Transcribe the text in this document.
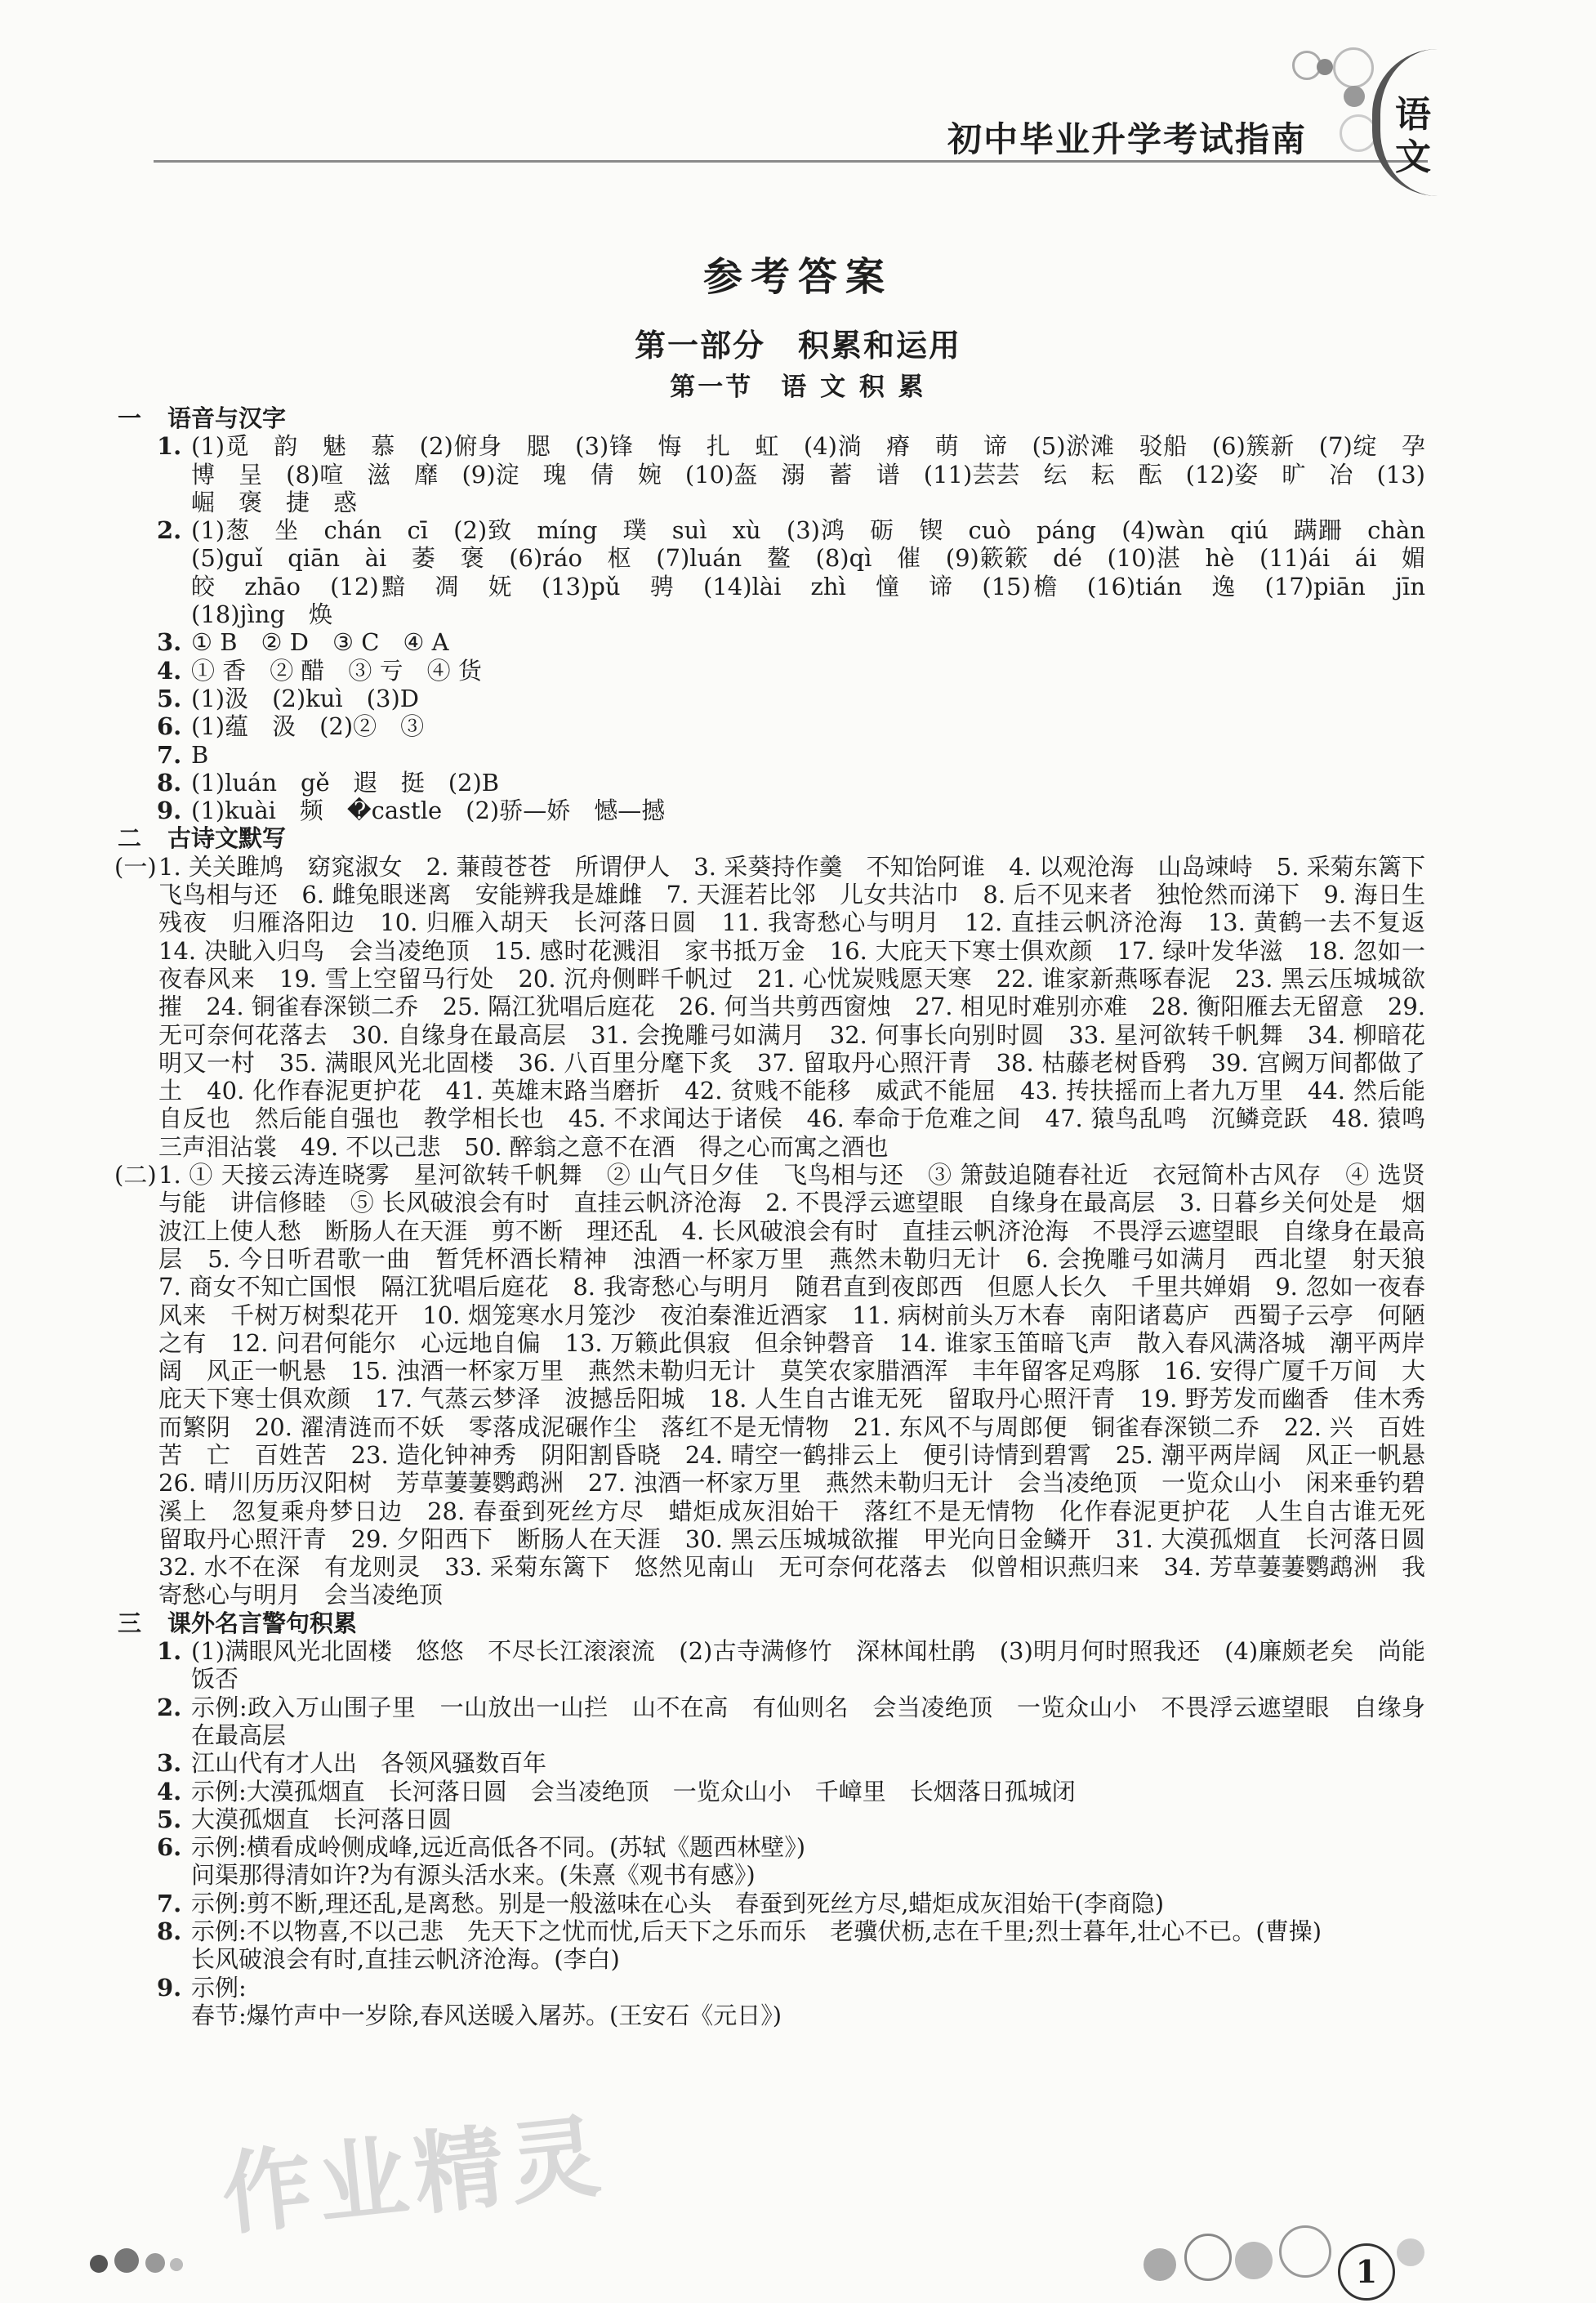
初中毕业升学考试指南
语
文
参考答案
第一部分　积累和运用
第一节　语 文 积 累
一 语音与汉字
1. (1)觅　韵　魅　慕　(2)俯身　腮　(3)锋　悔　扎　虹　(4)淌　瘠　萌　谛　(5)淤滩　驳船　(6)簇新　(7)绽　孕　博　呈　(8)喧　滋　靡　(9)淀　瑰　倩　婉　(10)盔　溺　蓄　谱　(11)芸芸　纭　耘　酝　(12)姿　旷　冶　(13)崛　褒　捷　惑
2. (1)葱　坐　chán　cī　(2)致　míng　璞　suì　xù　(3)鸿　砺　锲　cuò　páng　(4)wàn　qiú　蹒跚　chàn　(5)guǐ　qiān　ài　萎　褒　(6)ráo　枢　(7)luán　鳌　(8)qì　催　(9)簌簌　dé　(10)湛　hè　(11)ái　ái　媚　皎　zhāo　(12)黯　凋　妩　(13)pǔ　骋　(14)lài　zhì　憧　谛　(15)檐　(16)tián　逸　(17)piān　jīn　(18)jìng　焕
3. ① B　② D　③ C　④ A
4. ① 香　② 醋　③ 亏　④ 货
5. (1)汲　(2)kuì　(3)D
6. (1)蕴　汲　(2)②　③
7. B
8. (1)luán　gě　遐　挺　(2)B
9. (1)kuài　频　�castle　(2)骄—娇　憾—撼
二 古诗文默写
(一) 1. 关关雎鸠　窈窕淑女　2. 蒹葭苍苍　所谓伊人　3. 采葵持作羹　不知饴阿谁　4. 以观沧海　山岛竦峙　5. 采菊东篱下　飞鸟相与还　6. 雌兔眼迷离　安能辨我是雄雌　7. 天涯若比邻　儿女共沾巾　8. 后不见来者　独怆然而涕下　9. 海日生残夜　归雁洛阳边　10. 归雁入胡天　长河落日圆　11. 我寄愁心与明月　12. 直挂云帆济沧海　13. 黄鹤一去不复返　14. 决眦入归鸟　会当凌绝顶　15. 感时花溅泪　家书抵万金　16. 大庇天下寒士俱欢颜　17. 绿叶发华滋　18. 忽如一夜春风来　19. 雪上空留马行处　20. 沉舟侧畔千帆过　21. 心忧炭贱愿天寒　22. 谁家新燕啄春泥　23. 黑云压城城欲摧　24. 铜雀春深锁二乔　25. 隔江犹唱后庭花　26. 何当共剪西窗烛　27. 相见时难别亦难　28. 衡阳雁去无留意　29. 无可奈何花落去　30. 自缘身在最高层　31. 会挽雕弓如满月　32. 何事长向别时圆　33. 星河欲转千帆舞　34. 柳暗花明又一村　35. 满眼风光北固楼　36. 八百里分麾下炙　37. 留取丹心照汗青　38. 枯藤老树昏鸦　39. 宫阙万间都做了土　40. 化作春泥更护花　41. 英雄末路当磨折　42. 贫贱不能移　威武不能屈　43. 抟扶摇而上者九万里　44. 然后能自反也　然后能自强也　教学相长也　45. 不求闻达于诸侯　46. 奉命于危难之间　47. 猿鸟乱鸣　沉鳞竞跃　48. 猿鸣三声泪沾裳　49. 不以己悲　50. 醉翁之意不在酒　得之心而寓之酒也
(二) 1. ① 天接云涛连晓雾　星河欲转千帆舞　② 山气日夕佳　飞鸟相与还　③ 箫鼓追随春社近　衣冠简朴古风存　④ 选贤与能　讲信修睦　⑤ 长风破浪会有时　直挂云帆济沧海　2. 不畏浮云遮望眼　自缘身在最高层　3. 日暮乡关何处是　烟波江上使人愁　断肠人在天涯　剪不断　理还乱　4. 长风破浪会有时　直挂云帆济沧海　不畏浮云遮望眼　自缘身在最高层　5. 今日听君歌一曲　暂凭杯酒长精神　浊酒一杯家万里　燕然未勒归无计　6. 会挽雕弓如满月　西北望　射天狼　7. 商女不知亡国恨　隔江犹唱后庭花　8. 我寄愁心与明月　随君直到夜郎西　但愿人长久　千里共婵娟　9. 忽如一夜春风来　千树万树梨花开　10. 烟笼寒水月笼沙　夜泊秦淮近酒家　11. 病树前头万木春　南阳诸葛庐　西蜀子云亭　何陋之有　12. 问君何能尔　心远地自偏　13. 万籁此俱寂　但余钟磬音　14. 谁家玉笛暗飞声　散入春风满洛城　潮平两岸阔　风正一帆悬　15. 浊酒一杯家万里　燕然未勒归无计　莫笑农家腊酒浑　丰年留客足鸡豚　16. 安得广厦千万间　大庇天下寒士俱欢颜　17. 气蒸云梦泽　波撼岳阳城　18. 人生自古谁无死　留取丹心照汗青　19. 野芳发而幽香　佳木秀而繁阴　20. 濯清涟而不妖　零落成泥碾作尘　落红不是无情物　21. 东风不与周郎便　铜雀春深锁二乔　22. 兴　百姓苦　亡　百姓苦　23. 造化钟神秀　阴阳割昏晓　24. 晴空一鹤排云上　便引诗情到碧霄　25. 潮平两岸阔　风正一帆悬　26. 晴川历历汉阳树　芳草萋萋鹦鹉洲　27. 浊酒一杯家万里　燕然未勒归无计　会当凌绝顶　一览众山小　闲来垂钓碧溪上　忽复乘舟梦日边　28. 春蚕到死丝方尽　蜡炬成灰泪始干　落红不是无情物　化作春泥更护花　人生自古谁无死　留取丹心照汗青　29. 夕阳西下　断肠人在天涯　30. 黑云压城城欲摧　甲光向日金鳞开　31. 大漠孤烟直　长河落日圆　32. 水不在深　有龙则灵　33. 采菊东篱下　悠然见南山　无可奈何花落去　似曾相识燕归来　34. 芳草萋萋鹦鹉洲　我寄愁心与明月　会当凌绝顶
三 课外名言警句积累
1. (1)满眼风光北固楼　悠悠　不尽长江滚滚流　(2)古寺满修竹　深林闻杜鹃　(3)明月何时照我还　(4)廉颇老矣　尚能饭否
2. 示例:政入万山围子里　一山放出一山拦　山不在高　有仙则名　会当凌绝顶　一览众山小　不畏浮云遮望眼　自缘身在最高层
3. 江山代有才人出　各领风骚数百年
4. 示例:大漠孤烟直　长河落日圆　会当凌绝顶　一览众山小　千嶂里　长烟落日孤城闭
5. 大漠孤烟直　长河落日圆
6. 示例:横看成岭侧成峰,远近高低各不同。(苏轼《题西林壁》)
问渠那得清如许?为有源头活水来。(朱熹《观书有感》)
7. 示例:剪不断,理还乱,是离愁。别是一般滋味在心头　春蚕到死丝方尽,蜡炬成灰泪始干(李商隐)
8. 示例:不以物喜,不以己悲　先天下之忧而忧,后天下之乐而乐　老骥伏枥,志在千里;烈士暮年,壮心不已。(曹操)
长风破浪会有时,直挂云帆济沧海。(李白)
9. 示例:
春节:爆竹声中一岁除,春风送暖入屠苏。(王安石《元日》)
作业精灵
1
